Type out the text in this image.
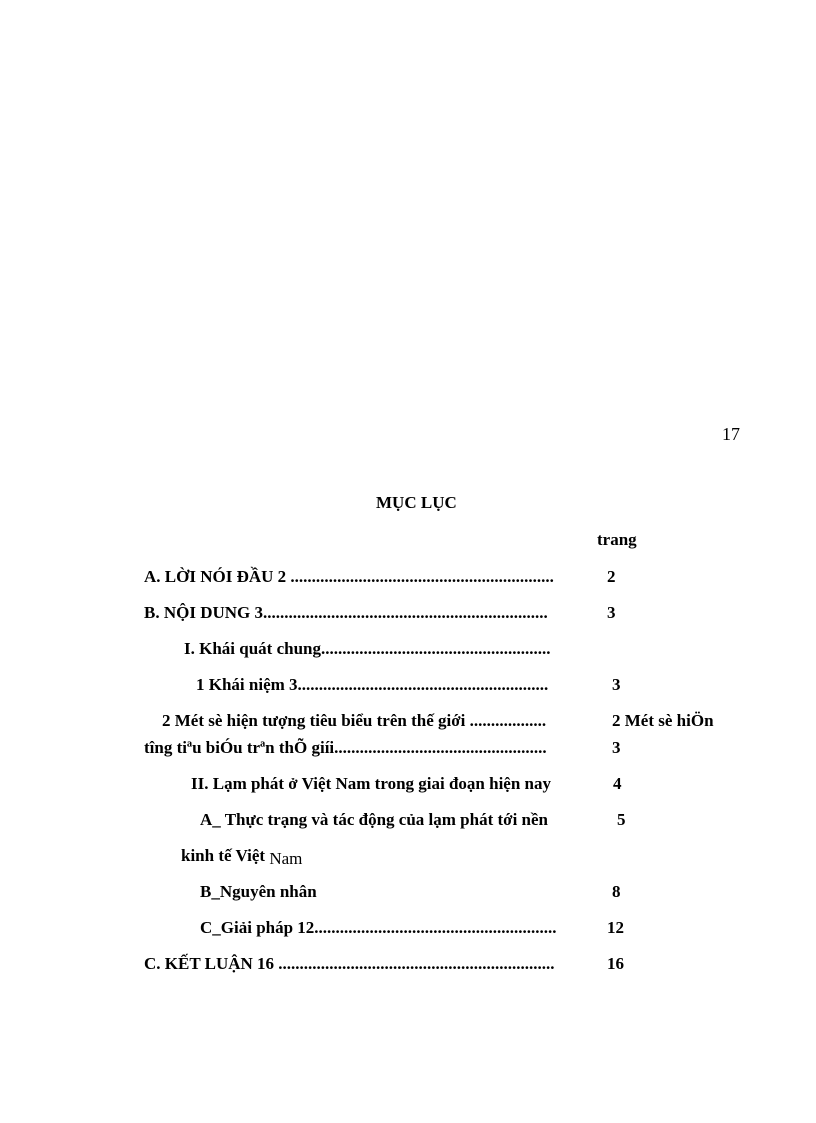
17
MỤC LỤC
trang
A. LỜI NÓI ĐẦU 2 ..............................................................	2
B. NỘI DUNG 3...................................................................	3
I. Khái quát chung......................................................
1 Khái niệm 3...........................................................	3
2 Mét sè hiện tượng tiêu biểu trên thế giới ..................	2 Mét sè hiÖn
tîng tiªu biÓu trªn thÕ giíi..................................................	3
II. Lạm phát ở Việt Nam trong giai đoạn hiện nay	4
A_ Thực trạng và tác động của lạm phát tới nền	5
kinh tế Việt Nam
B_Nguyên nhân	8
C_Giải pháp 12.........................................................	12
C. KẾT LUẬN 16 .................................................................	16
